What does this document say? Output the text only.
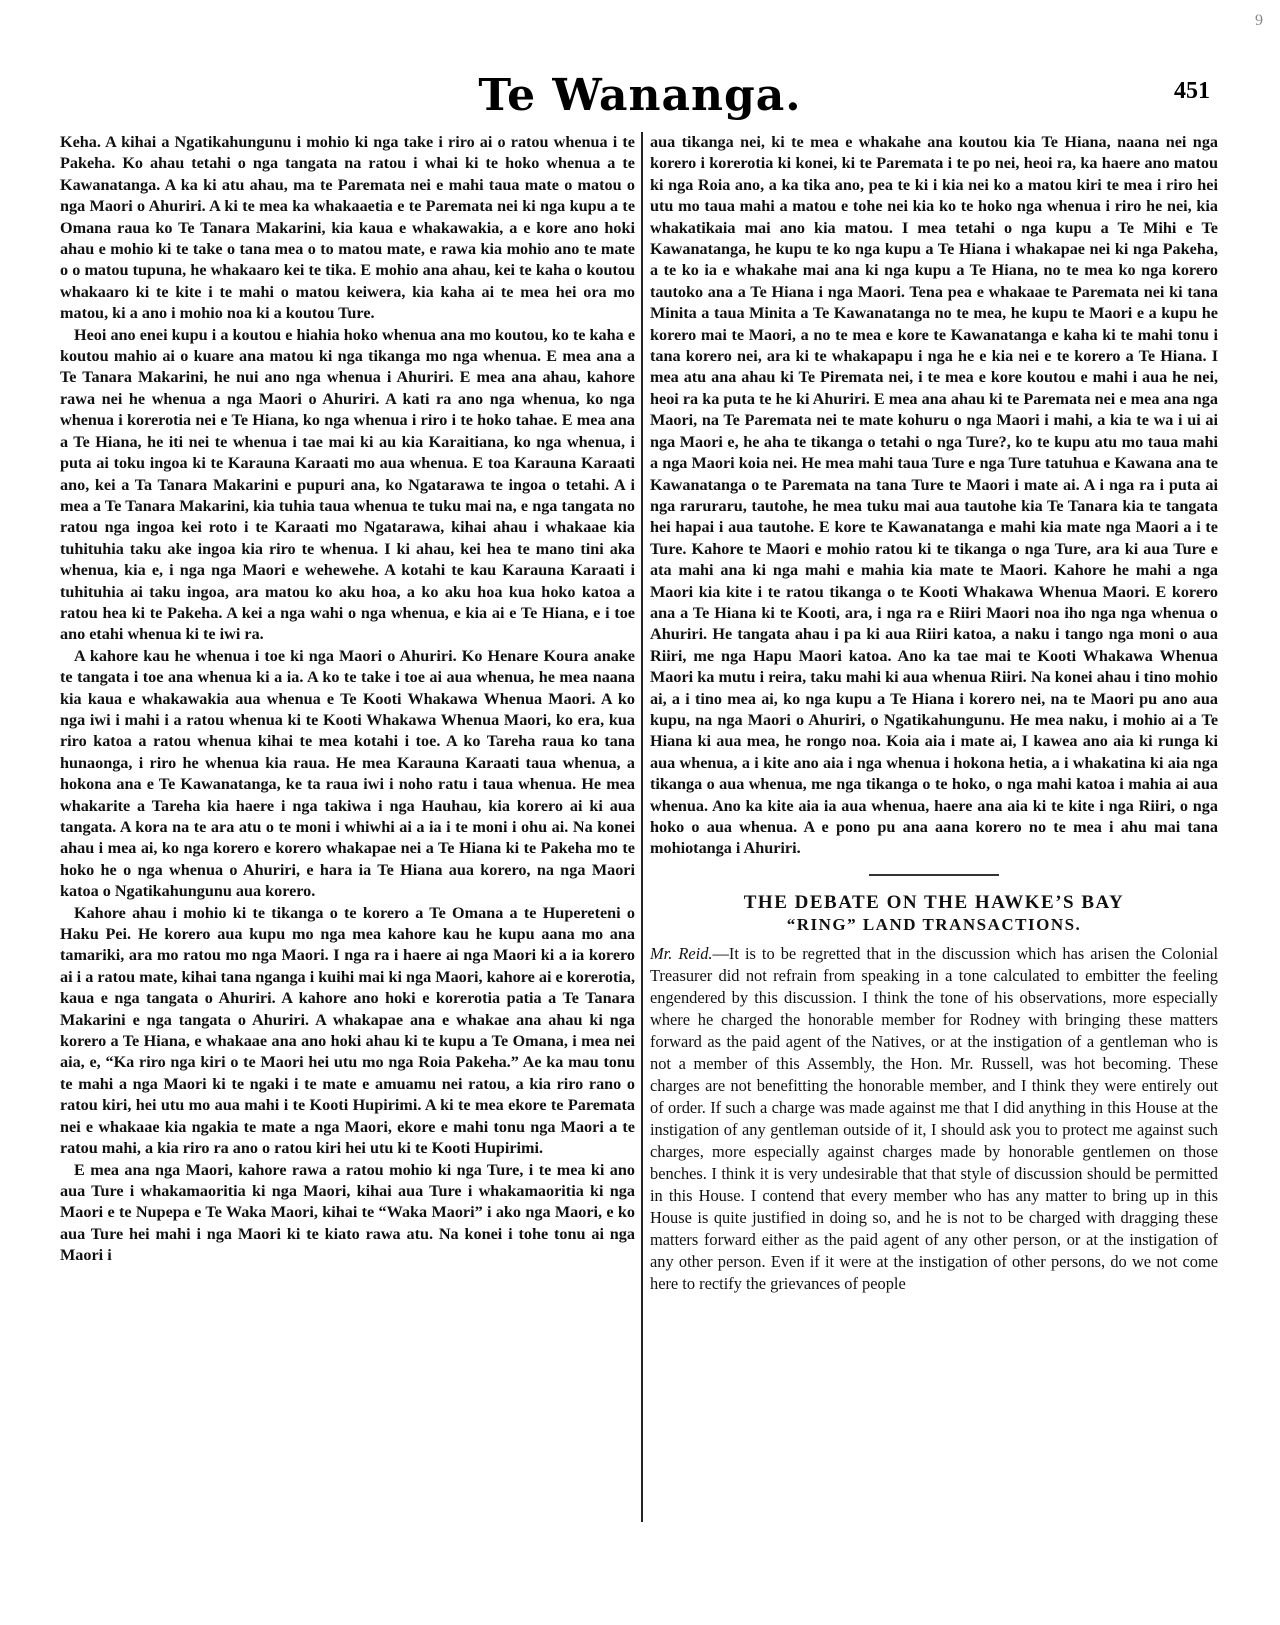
9
Te Wananga.	451

Keha. A kihai a Ngatikahungunu i mohio ki nga take i riro ai o ratou whenua i te Pakeha. Ko ahau tetahi o nga tangata na ratou i whai ki te hoko whenua a te Kawanatanga. A ka ki atu ahau, ma te Paremata nei e mahi taua mate o matou o nga Maori o Ahuriri. A ki te mea ka whakaaetia e te Paremata nei ki nga kupu a te Omana raua ko Te Tanara Makarini, kia kaua e whakawakia, a e kore ano hoki ahau e mohio ki te take o tana mea o to matou mate, e rawa kia mohio ano te mate o o matou tupuna, he whakaaro kei te tika. E mohio ana ahau, kei te kaha o koutou whakaaro ki te kite i te mahi o matou keiwera, kia kaha ai te mea hei ora mo matou, ki a ano i mohio noa ki a koutou Ture.

Heoi ano enei kupu i a koutou e hiahia hoko whenua ana mo koutou, ko te kaha e koutou mahio ai o kuare ana matou ki nga tikanga mo nga whenua. E mea ana a Te Tanara Makarini, he nui ano nga whenua i Ahuriri. E mea ana ahau, kahore rawa nei he whenua a nga Maori o Ahuriri. A kati ra ano nga whenua, ko nga whenua i korerotia nei e Te Hiana, ko nga whenua i riro i te hoko tahae. E mea ana a Te Hiana, he iti nei te whenua i tae mai ki au kia Karaitiana, ko nga whenua, i puta ai toku ingoa ki te Karauna Karaati mo aua whenua. E toa Karauna Karaati ano, kei a Ta Tanara Makarini e pupuri ana, ko Ngatarawa te ingoa o tetahi. A i mea a Te Tanara Makarini, kia tuhia taua whenua te tuku mai na, e nga tangata no ratou nga ingoa kei roto i te Karaati mo Ngatarawa, kihai ahau i whakaae kia tuhituhia taku ake ingoa kia riro te whenua. I ki ahau, kei hea te mano tini aka whenua, kia e, i nga nga Maori e wehewehe. A kotahi te kau Karauna Karaati i tuhituhia ai taku ingoa, ara matou ko aku hoa, a ko aku hoa kua hoko katoa a ratou hea ki te Pakeha. A kei a nga wahi o nga whenua, e kia ai e Te Hiana, e i toe ano etahi whenua ki te iwi ra.

A kahore kau he whenua i toe ki nga Maori o Ahuriri. Ko Henare Koura anake te tangata i toe ana whenua ki a ia. A ko te take i toe ai aua whenua, he mea naana kia kaua e whakawakia aua whenua e Te Kooti Whakawa Whenua Maori. A ko nga iwi i mahi i a ratou whenua ki te Kooti Whakawa Whenua Maori, ko era, kua riro katoa a ratou whenua kihai te mea kotahi i toe. A ko Tareha raua ko tana hunaonga, i riro he whenua kia raua. He mea Karauna Karaati taua whenua, a hokona ana e Te Kawanatanga, ke ta raua iwi i noho ratu i taua whenua. He mea whakarite a Tareha kia haere i nga takiwa i nga Hauhau, kia korero ai ki aua tangata. A kora na te ara atu o te moni i whiwhi ai a ia i te moni i ohu ai. Na konei ahau i mea ai, ko nga korero e korero whakapae nei a Te Hiana ki te Pakeha mo te hoko he o nga whenua o Ahuriri, e hara ia Te Hiana aua korero, na nga Maori katoa o Ngatikahungunu aua korero.

Kahore ahau i mohio ki te tikanga o te korero a Te Omana a te Hupereteni o Haku Pei. He korero aua kupu mo nga mea kahore kau he kupu aana mo ana tamariki, ara mo ratou mo nga Maori. I nga ra i haere ai nga Maori ki a ia korero ai i a ratou mate, kihai tana nganga i kuihi mai ki nga Maori, kahore ai e korerotia, kaua e nga tangata o Ahuriri. A kahore ano hoki e korerotia patia a Te Tanara Makarini e nga tangata o Ahuriri. A whakapae ana e whakae ana ahau ki nga korero a Te Hiana, e whakaae ana ano hoki ahau ki te kupu a Te Omana, i mea nei aia, e, “Ka riro nga kiri o te Maori hei utu mo nga Roia Pakeha.” Ae ka mau tonu te mahi a nga Maori ki te ngaki i te mate e amuamu nei ratou, a kia riro rano o ratou kiri, hei utu mo aua mahi i te Kooti Hupirimi. A ki te mea ekore te Paremata nei e whakaae kia ngakia te mate a nga Maori, ekore e mahi tonu nga Maori a te ratou mahi, a kia riro ra ano o ratou kiri hei utu ki te Kooti Hupirimi.

E mea ana nga Maori, kahore rawa a ratou mohio ki nga Ture, i te mea ki ano aua Ture i whakamaoritia ki nga Maori, kihai aua Ture i whakamaoritia ki nga Maori e te Nupepa e Te Waka Maori, kihai te “Waka Maori” i ako nga Maori, e ko aua Ture hei mahi i nga Maori ki te kiato rawa atu. Na konei i tohe tonu ai nga Maori i

aua tikanga nei, ki te mea e whakahe ana koutou kia Te Hiana, naana nei nga korero i korerotia ki konei, ki te Paremata i te po nei, heoi ra, ka haere ano matou ki nga Roia ano, a ka tika ano, pea te ki i kia nei ko a matou kiri te mea i riro hei utu mo taua mahi a matou e tohe nei kia ko te hoko nga whenua i riro he nei, kia whakatikaia mai ano kia matou. I mea tetahi o nga kupu a Te Mihi e Te Kawanatanga, he kupu te ko nga kupu a Te Hiana i whakapae nei ki nga Pakeha, a te ko ia e whakahe mai ana ki nga kupu a Te Hiana, no te mea ko nga korero tautoko ana a Te Hiana i nga Maori. Tena pea e whakaae te Paremata nei ki tana Minita a taua Minita a Te Kawanatanga no te mea, he kupu te Maori e a kupu he korero mai te Maori, a no te mea e kore te Kawanatanga e kaha ki te mahi tonu i tana korero nei, ara ki te whakapapu i nga he e kia nei e te korero a Te Hiana. I mea atu ana ahau ki Te Piremata nei, i te mea e kore koutou e mahi i aua he nei, heoi ra ka puta te he ki Ahuriri. E mea ana ahau ki te Paremata nei e mea ana nga Maori, na Te Paremata nei te mate kohuru o nga Maori i mahi, a kia te wa i ui ai nga Maori e, he aha te tikanga o tetahi o nga Ture?, ko te kupu atu mo taua mahi a nga Maori koia nei. He mea mahi taua Ture e nga Ture tatuhua e Kawana ana te Kawanatanga o te Paremata na tana Ture te Maori i mate ai. A i nga ra i puta ai nga raruraru, tautohe, he mea tuku mai aua tautohe kia Te Tanara kia te tangata hei hapai i aua tautohe. E kore te Kawanatanga e mahi kia mate nga Maori a i te Ture. Kahore te Maori e mohio ratou ki te tikanga o nga Ture, ara ki aua Ture e ata mahi ana ki nga mahi e mahia kia mate te Maori. Kahore he mahi a nga Maori kia kite i te ratou tikanga o te Kooti Whakawa Whenua Maori. E korero ana a Te Hiana ki te Kooti, ara, i nga ra e Riiri Maori noa iho nga nga whenua o Ahuriri. He tangata ahau i pa ki aua Riiri katoa, a naku i tango nga moni o aua Riiri, me nga Hapu Maori katoa. Ano ka tae mai te Kooti Whakawa Whenua Maori ka mutu i reira, taku mahi ki aua whenua Riiri. Na konei ahau i tino mohio ai, a i tino mea ai, ko nga kupu a Te Hiana i korero nei, na te Maori pu ano aua kupu, na nga Maori o Ahuriri, o Ngatikahungunu. He mea naku, i mohio ai a Te Hiana ki aua mea, he rongo noa. Koia aia i mate ai, I kawea ano aia ki runga ki aua whenua, a i kite ano aia i nga whenua i hokona hetia, a i whakatina ki aia nga tikanga o aua whenua, me nga tikanga o te hoko, o nga mahi katoa i mahia ai aua whenua. Ano ka kite aia ia aua whenua, haere ana aia ki te kite i nga Riiri, o nga hoko o aua whenua. A e pono pu ana aana korero no te mea i ahu mai tana mohiotanga i Ahuriri.

THE DEBATE ON THE HAWKE’S BAY

“RING” LAND TRANSACTIONS.

Mr. Reid.—It is to be regretted that in the discussion which has arisen the Colonial Treasurer did not refrain from speaking in a tone calculated to embitter the feeling engendered by this discussion. I think the tone of his observations, more especially where he charged the honorable member for Rodney with bringing these matters forward as the paid agent of the Natives, or at the instigation of a gentleman who is not a member of this Assembly, the Hon. Mr. Russell, was hot becoming. These charges are not benefitting the honorable member, and I think they were entirely out of order. If such a charge was made against me that I did anything in this House at the instigation of any gentleman outside of it, I should ask you to protect me against such charges, more especially against charges made by honorable gentlemen on those benches. I think it is very undesirable that that style of discussion should be permitted in this House. I contend that every member who has any matter to bring up in this House is quite justified in doing so, and he is not to be charged with dragging these matters forward either as the paid agent of any other person, or at the instigation of any other person. Even if it were at the instigation of other persons, do we not come here to rectify the grievances of people
